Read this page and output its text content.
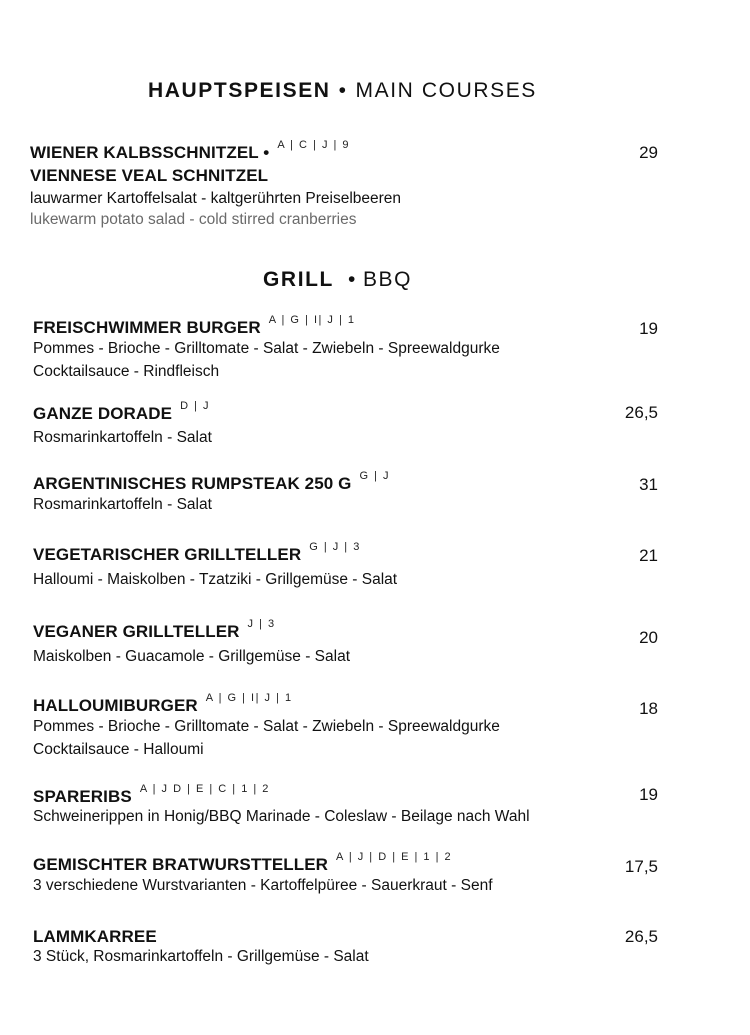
HAUPTSPEISEN • MAIN COURSES
WIENER KALBSSCHNITZEL • $^{A | C | J | 9}$
VIENNESE VEAL SCHNITZEL
lauwarmer Kartoffelsalat - kaltgerührten Preiselbeeren
lukewarm potato salad - cold stirred cranberries
29
GRILL • BBQ
FREISCHWIMMER BURGER $^{A | G | I| J | 1}$
Pommes - Brioche - Grilltomate - Salat - Zwiebeln - Spreewaldgurke
Cocktailsauce - Rindfleisch
19
GANZE DORADE $^{D | J}$
Rosmarinkartoffeln - Salat
26,5
ARGENTINISCHES RUMPSTEAK 250 G $^{G | J}$
Rosmarinkartoffeln - Salat
31
VEGETARISCHER GRILLTELLER $^{G | J | 3}$
Halloumi - Maiskolben - Tzatziki - Grillgemüse - Salat
21
VEGANER GRILLTELLER $^{J | 3}$
Maiskolben - Guacamole - Grillgemüse - Salat
20
HALLOUMIBURGER $^{A | G | I| J | 1}$
Pommes - Brioche - Grilltomate - Salat - Zwiebeln - Spreewaldgurke
Cocktailsauce - Halloumi
18
SPARERIBS $^{A | J D | E | C | 1 | 2}$
Schweinerippen in Honig/BBQ Marinade - Coleslaw - Beilage nach Wahl
19
GEMISCHTER BRATWURSTTELLER $^{A | J | D | E | 1 | 2}$
3 verschiedene Wurstvarianten - Kartoffelpüree - Sauerkraut - Senf
17,5
LAMMKARREE
3 Stück, Rosmarinkartoffeln - Grillgemüse - Salat
26,5
